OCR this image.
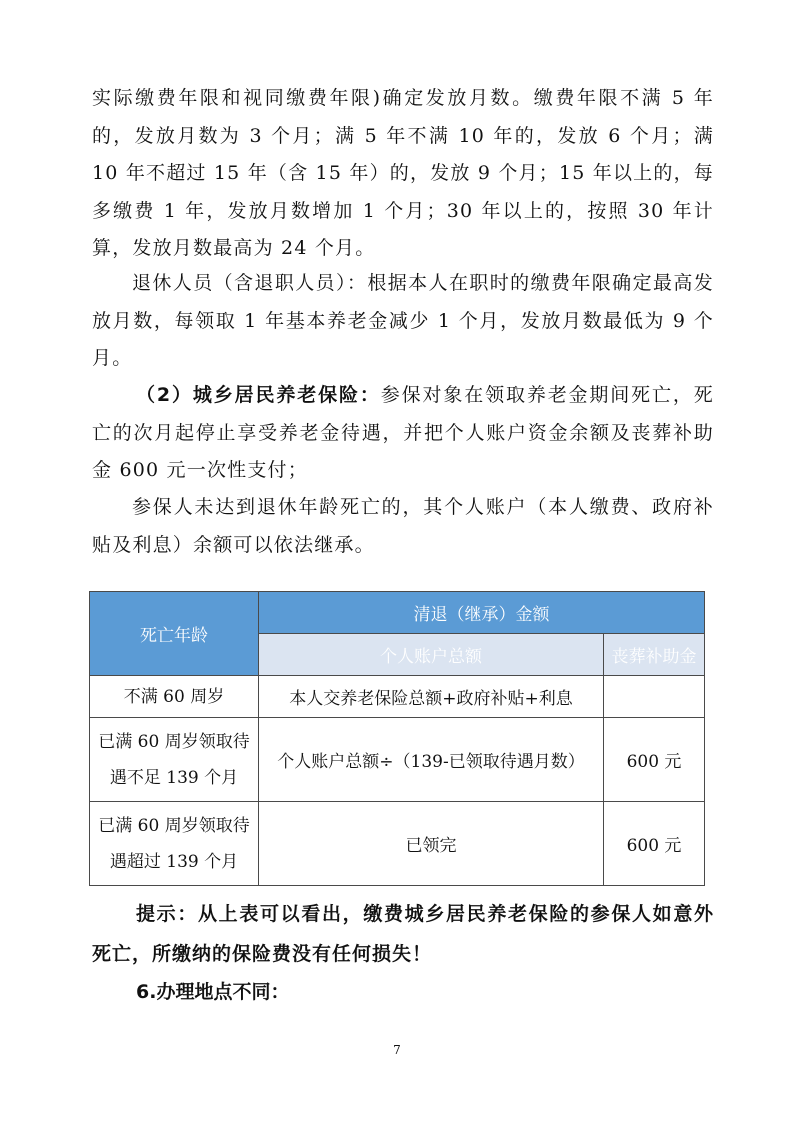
实际缴费年限和视同缴费年限)确定发放月数。缴费年限不满 5 年的，发放月数为 3 个月；满 5 年不满 10 年的，发放 6 个月；满 10 年不超过 15 年（含 15 年）的，发放 9 个月；15 年以上的，每多缴费 1 年，发放月数增加 1 个月；30 年以上的，按照 30 年计算，发放月数最高为 24 个月。

退休人员（含退职人员）：根据本人在职时的缴费年限确定最高发放月数，每领取 1 年基本养老金减少 1 个月，发放月数最低为 9 个月。

（2）城乡居民养老保险：参保对象在领取养老金期间死亡，死亡的次月起停止享受养老金待遇，并把个人账户资金余额及丧葬补助金 600 元一次性支付；

参保人未达到退休年龄死亡的，其个人账户（本人缴费、政府补贴及利息）余额可以依法继承。

死亡年龄	清退（继承）金额	
	个人账户总额	丧葬补助金
不满 60 周岁	本人交养老保险总额+政府补贴+利息	
已满 60 周岁领取待遇不足 139 个月	个人账户总额÷（139-已领取待遇月数）	600 元
已满 60 周岁领取待遇超过 139 个月	已领完	600 元

提示：从上表可以看出，缴费城乡居民养老保险的参保人如意外死亡，所缴纳的保险费没有任何损失！

6.办理地点不同：
7
